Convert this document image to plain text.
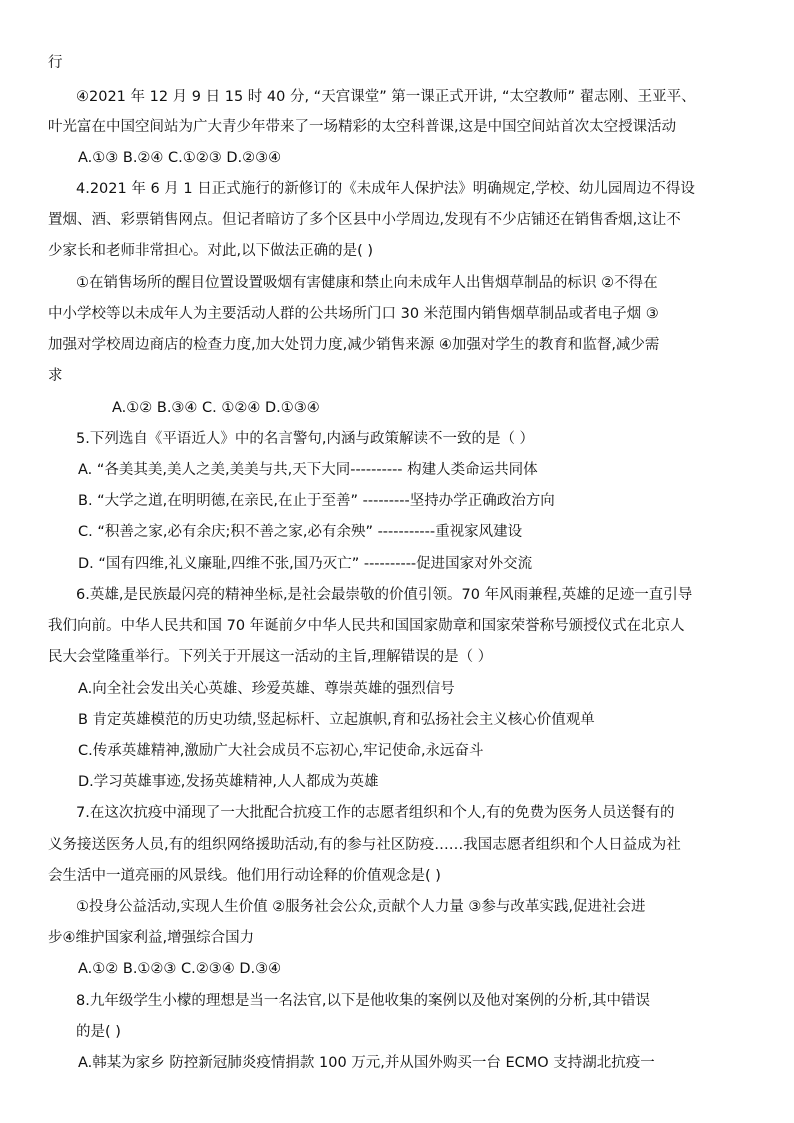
行
④2021 年 12 月 9 日 15 时 40 分, “天宫课堂” 第一课正式开讲, “太空教师” 翟志刚、王亚平、
叶光富在中国空间站为广大青少年带来了一场精彩的太空科普课,这是中国空间站首次太空授课活动
A.①③ B.②④ C.①②③ D.②③④
4.2021 年 6 月 1 日正式施行的新修订的《未成年人保护法》明确规定,学校、幼儿园周边不得设
置烟、酒、彩票销售网点。但记者暗访了多个区县中小学周边,发现有不少店铺还在销售香烟,这让不
少家长和老师非常担心。对此,以下做法正确的是( )
①在销售场所的醒目位置设置吸烟有害健康和禁止向未成年人出售烟草制品的标识 ②不得在
中小学校等以未成年人为主要活动人群的公共场所门口 30 米范围内销售烟草制品或者电子烟 ③
加强对学校周边商店的检查力度,加大处罚力度,减少销售来源 ④加强对学生的教育和监督,减少需
求
A.①② B.③④ C. ①②④ D.①③④
5.下列选自《平语近人》中的名言警句,内涵与政策解读不一致的是（ ）
A. “各美其美,美人之美,美美与共,天下大同---------- 构建人类命运共同体
B. “大学之道,在明明德,在亲民,在止于至善” ---------坚持办学正确政治方向
C. “积善之家,必有余庆;积不善之家,必有余殃” -----------重视家风建设
D. “国有四维,礼义廉耻,四维不张,国乃灭亡” ----------促进国家对外交流
6.英雄,是民族最闪亮的精神坐标,是社会最崇敬的价值引领。70 年风雨兼程,英雄的足迹一直引导
我们向前。中华人民共和国 70 年诞前夕中华人民共和国国家勋章和国家荣誉称号颁授仪式在北京人
民大会堂隆重举行。下列关于开展这一活动的主旨,理解错误的是（ ）
A.向全社会发出关心英雄、珍爱英雄、尊崇英雄的强烈信号
B 肯定英雄模范的历史功绩,竖起标杆、立起旗帜,育和弘扬社会主义核心价值观单
C.传承英雄精神,激励广大社会成员不忘初心,牢记使命,永远奋斗
D.学习英雄事迹,发扬英雄精神,人人都成为英雄
7.在这次抗疫中涌现了一大批配合抗疫工作的志愿者组织和个人,有的免费为医务人员送餐有的
义务接送医务人员,有的组织网络援助活动,有的参与社区防疫……我国志愿者组织和个人日益成为社
会生活中一道亮丽的风景线。他们用行动诠释的价值观念是( )
①投身公益活动,实现人生价值 ②服务社会公众,贡献个人力量 ③参与改革实践,促进社会进
步④维护国家利益,增强综合国力
A.①② B.①②③ C.②③④ D.③④
8.九年级学生小檬的理想是当一名法官,以下是他收集的案例以及他对案例的分析,其中错误
的是( )
A.韩某为家乡 防控新冠肺炎疫情捐款 100 万元,并从国外购买一台 ECMO 支持湖北抗疫一
